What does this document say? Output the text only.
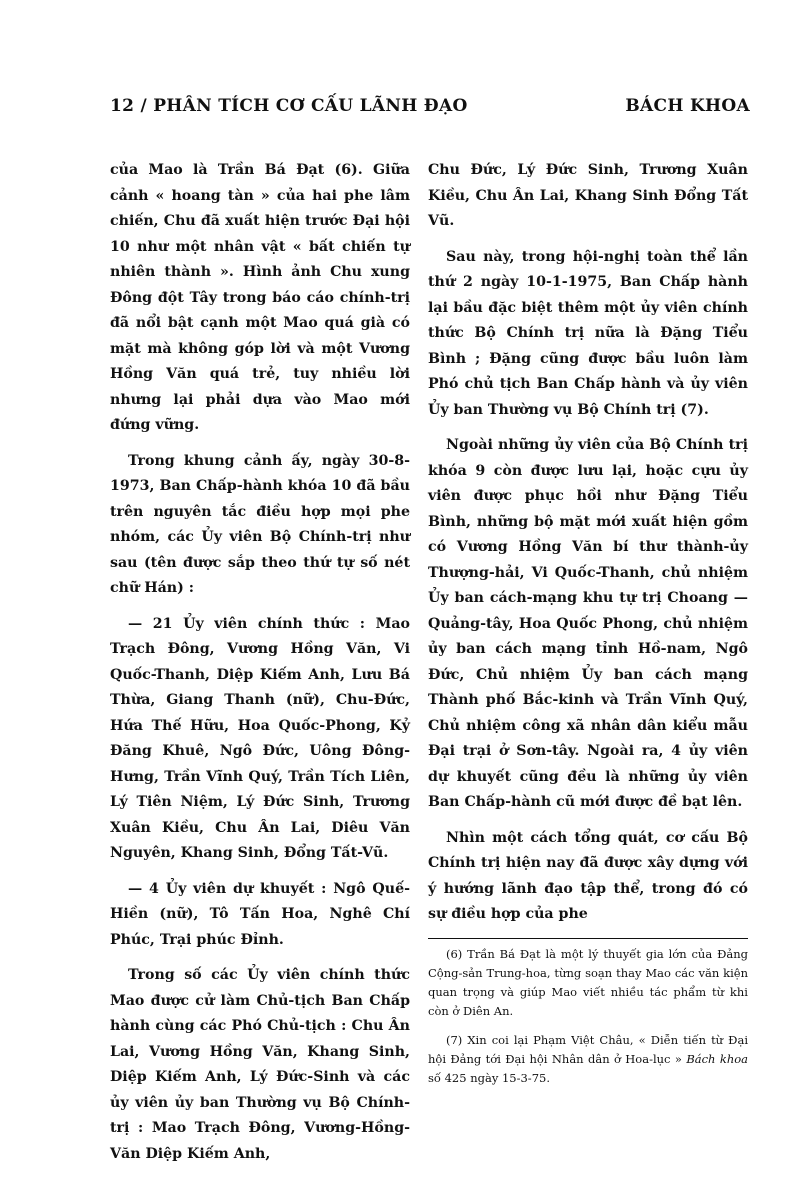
12 / PHÂN TÍCH CƠ CẤU LÃNH ĐẠO	BÁCH KHOA

của Mao là Trần Bá Đạt (6). Giữa cảnh « hoang tàn » của hai phe lâm chiến, Chu đã xuất hiện trước Đại hội 10 như một nhân vật « bất chiến tự nhiên thành ». Hình ảnh Chu xung Đông đột Tây trong báo cáo chính-trị đã nổi bật cạnh một Mao quá già có mặt mà không góp lời và một Vương Hồng Văn quá trẻ, tuy nhiều lời nhưng lại phải dựa vào Mao mới đứng vững.

Trong khung cảnh ấy, ngày 30-8-1973, Ban Chấp-hành khóa 10 đã bầu trên nguyên tắc điều hợp mọi phe nhóm, các Ủy viên Bộ Chính-trị như sau (tên được sắp theo thứ tự số nét chữ Hán) :

— 21 Ủy viên chính thức : Mao Trạch Đông, Vương Hồng Văn, Vi Quốc-Thanh, Diệp Kiếm Anh, Lưu Bá Thừa, Giang Thanh (nữ), Chu-Đức, Hứa Thế Hữu, Hoa Quốc-Phong, Kỷ Đăng Khuê, Ngô Đức, Uông Đông-Hưng, Trần Vĩnh Quý, Trần Tích Liên, Lý Tiên Niệm, Lý Đức Sinh, Trương Xuân Kiều, Chu Ân Lai, Diêu Văn Nguyên, Khang Sinh, Đổng Tất-Vũ.

— 4 Ủy viên dự khuyết : Ngô Quế-Hiền (nữ), Tô Tấn Hoa, Nghê Chí Phúc, Trại phúc Đỉnh.

Trong số các Ủy viên chính thức Mao được cử làm Chủ-tịch Ban Chấp hành cùng các Phó Chủ-tịch : Chu Ân Lai, Vương Hồng Văn, Khang Sinh, Diệp Kiếm Anh, Lý Đức-Sinh và các ủy viên ủy ban Thường vụ Bộ Chính-trị : Mao Trạch Đông, Vương-Hồng-Văn Diệp Kiếm Anh,

Chu Đức, Lý Đức Sinh, Trương Xuân Kiều, Chu Ân Lai, Khang Sinh Đổng Tất Vũ.

Sau này, trong hội-nghị toàn thể lần thứ 2 ngày 10-1-1975, Ban Chấp hành lại bầu đặc biệt thêm một ủy viên chính thức Bộ Chính trị nữa là Đặng Tiểu Bình ; Đặng cũng được bầu luôn làm Phó chủ tịch Ban Chấp hành và ủy viên Ủy ban Thường vụ Bộ Chính trị (7).

Ngoài những ủy viên của Bộ Chính trị khóa 9 còn được lưu lại, hoặc cựu ủy viên được phục hồi như Đặng Tiểu Bình, những bộ mặt mới xuất hiện gồm có Vương Hồng Văn bí thư thành-ủy Thượng-hải, Vi Quốc-Thanh, chủ nhiệm Ủy ban cách-mạng khu tự trị Choang — Quảng-tây, Hoa Quốc Phong, chủ nhiệm ủy ban cách mạng tỉnh Hồ-nam, Ngô Đức, Chủ nhiệm Ủy ban cách mạng Thành phố Bắc-kinh và Trần Vĩnh Quý, Chủ nhiệm công xã nhân dân kiểu mẫu Đại trại ở Sơn-tây. Ngoài ra, 4 ủy viên dự khuyết cũng đều là những ủy viên Ban Chấp-hành cũ mới được đề bạt lên.

Nhìn một cách tổng quát, cơ cấu Bộ Chính trị hiện nay đã được xây dựng với ý hướng lãnh đạo tập thể, trong đó có sự điều hợp của phe

(6) Trần Bá Đạt là một lý thuyết gia lớn của Đảng Cộng-sản Trung-hoa, từng soạn thay Mao các văn kiện quan trọng và giúp Mao viết nhiều tác phẩm từ khi còn ở Diên An.

(7) Xin coi lại Phạm Việt Châu, « Diễn tiến từ Đại hội Đảng tới Đại hội Nhân dân ở Hoa-lục » Bách khoa số 425 ngày 15-3-75.
